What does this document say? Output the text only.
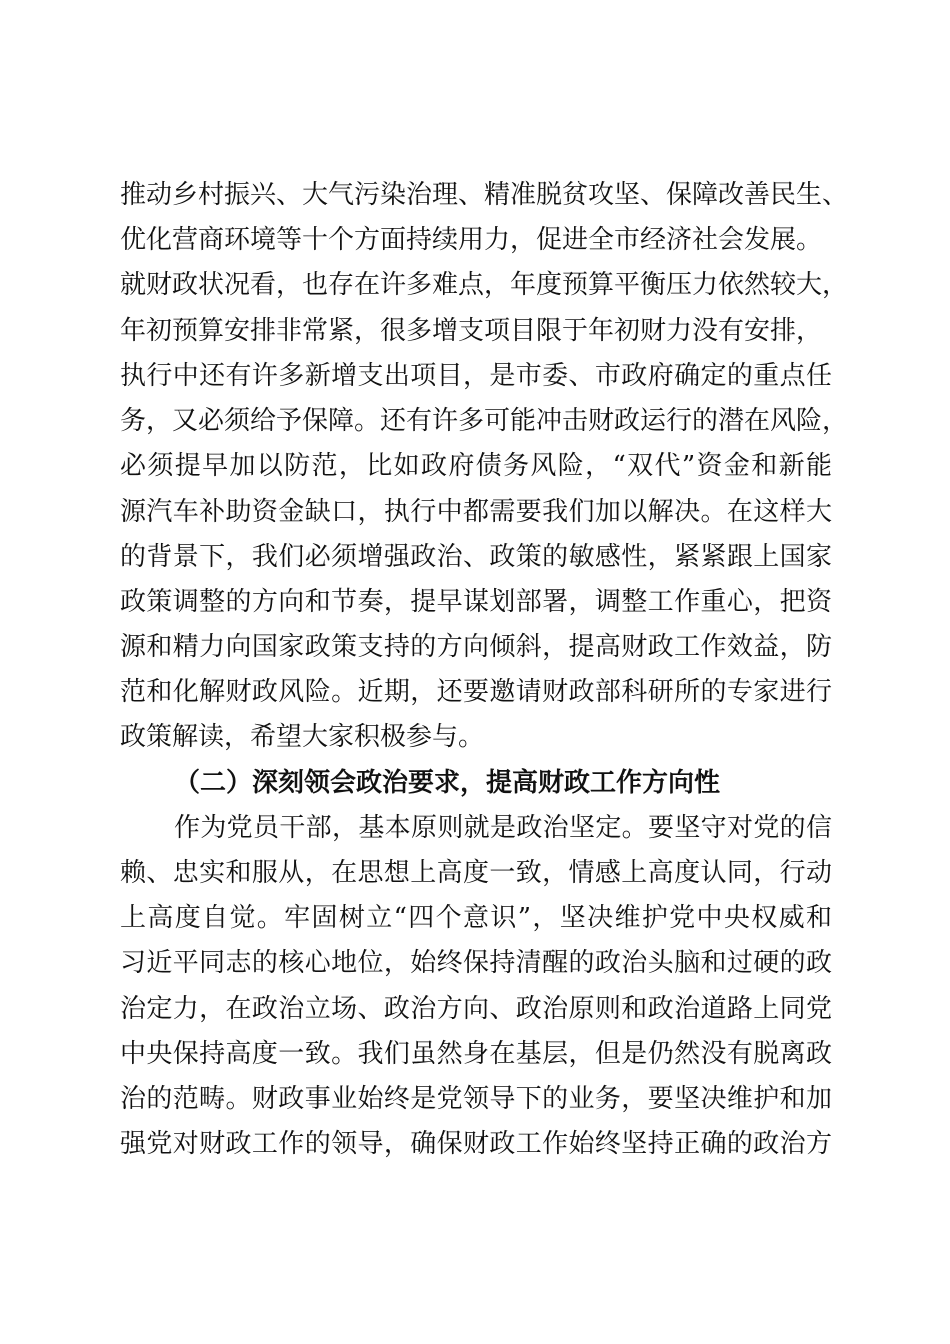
推动乡村振兴、大气污染治理、精准脱贫攻坚、保障改善民生、
优化营商环境等十个方面持续用力，促进全市经济社会发展。
就财政状况看，也存在许多难点，年度预算平衡压力依然较大，
年初预算安排非常紧，很多增支项目限于年初财力没有安排，
执行中还有许多新增支出项目，是市委、市政府确定的重点任
务，又必须给予保障。还有许多可能冲击财政运行的潜在风险，
必须提早加以防范，比如政府债务风险，“双代”资金和新能
源汽车补助资金缺口，执行中都需要我们加以解决。在这样大
的背景下，我们必须增强政治、政策的敏感性，紧紧跟上国家
政策调整的方向和节奏，提早谋划部署，调整工作重心，把资
源和精力向国家政策支持的方向倾斜，提高财政工作效益，防
范和化解财政风险。近期，还要邀请财政部科研所的专家进行
政策解读，希望大家积极参与。
（二）深刻领会政治要求，提高财政工作方向性
作为党员干部，基本原则就是政治坚定。要坚守对党的信
赖、忠实和服从，在思想上高度一致，情感上高度认同，行动
上高度自觉。牢固树立“四个意识”，坚决维护党中央权威和
习近平同志的核心地位，始终保持清醒的政治头脑和过硬的政
治定力，在政治立场、政治方向、政治原则和政治道路上同党
中央保持高度一致。我们虽然身在基层，但是仍然没有脱离政
治的范畴。财政事业始终是党领导下的业务，要坚决维护和加
强党对财政工作的领导，确保财政工作始终坚持正确的政治方
